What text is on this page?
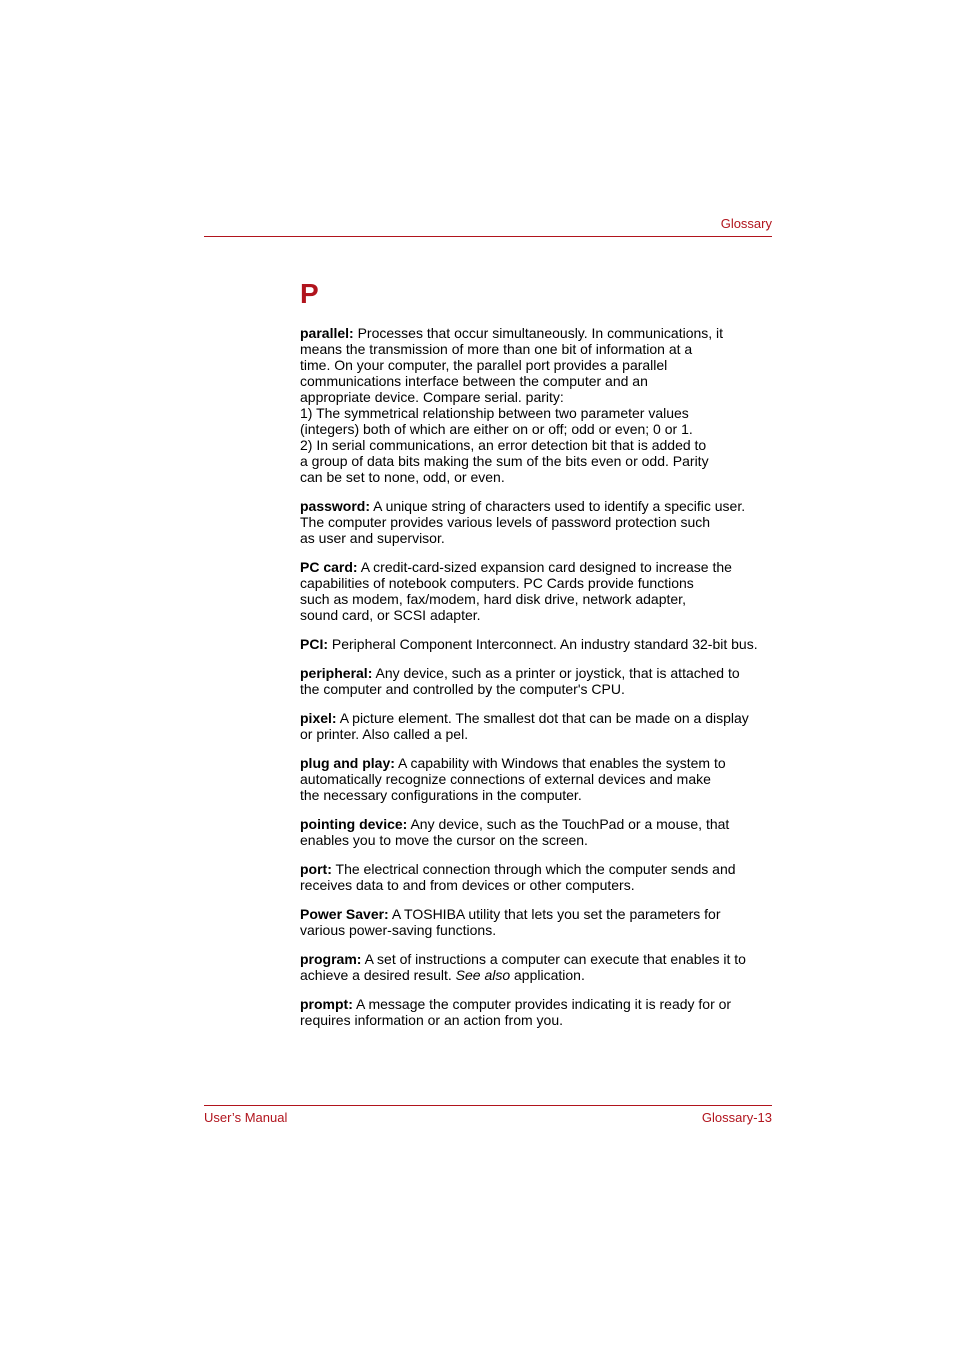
Glossary
P

parallel: Processes that occur simultaneously. In communications, it
means the transmission of more than one bit of information at a
time. On your computer, the parallel port provides a parallel
communications interface between the computer and an
appropriate device. Compare serial. parity:
1) The symmetrical relationship between two parameter values
(integers) both of which are either on or off; odd or even; 0 or 1.
2) In serial communications, an error detection bit that is added to
a group of data bits making the sum of the bits even or odd. Parity
can be set to none, odd, or even.

password: A unique string of characters used to identify a specific user.
The computer provides various levels of password protection such
as user and supervisor.

PC card: A credit-card-sized expansion card designed to increase the
capabilities of notebook computers. PC Cards provide functions
such as modem, fax/modem, hard disk drive, network adapter,
sound card, or SCSI adapter.

PCI: Peripheral Component Interconnect. An industry standard 32-bit bus.

peripheral: Any device, such as a printer or joystick, that is attached to
the computer and controlled by the computer's CPU.

pixel: A picture element. The smallest dot that can be made on a display
or printer. Also called a pel.

plug and play: A capability with Windows that enables the system to
automatically recognize connections of external devices and make
the necessary configurations in the computer.

pointing device: Any device, such as the TouchPad or a mouse, that
enables you to move the cursor on the screen.

port: The electrical connection through which the computer sends and
receives data to and from devices or other computers.

Power Saver: A TOSHIBA utility that lets you set the parameters for
various power-saving functions.

program: A set of instructions a computer can execute that enables it to
achieve a desired result. See also application.

prompt: A message the computer provides indicating it is ready for or
requires information or an action from you.

User’s Manual	Glossary-13
